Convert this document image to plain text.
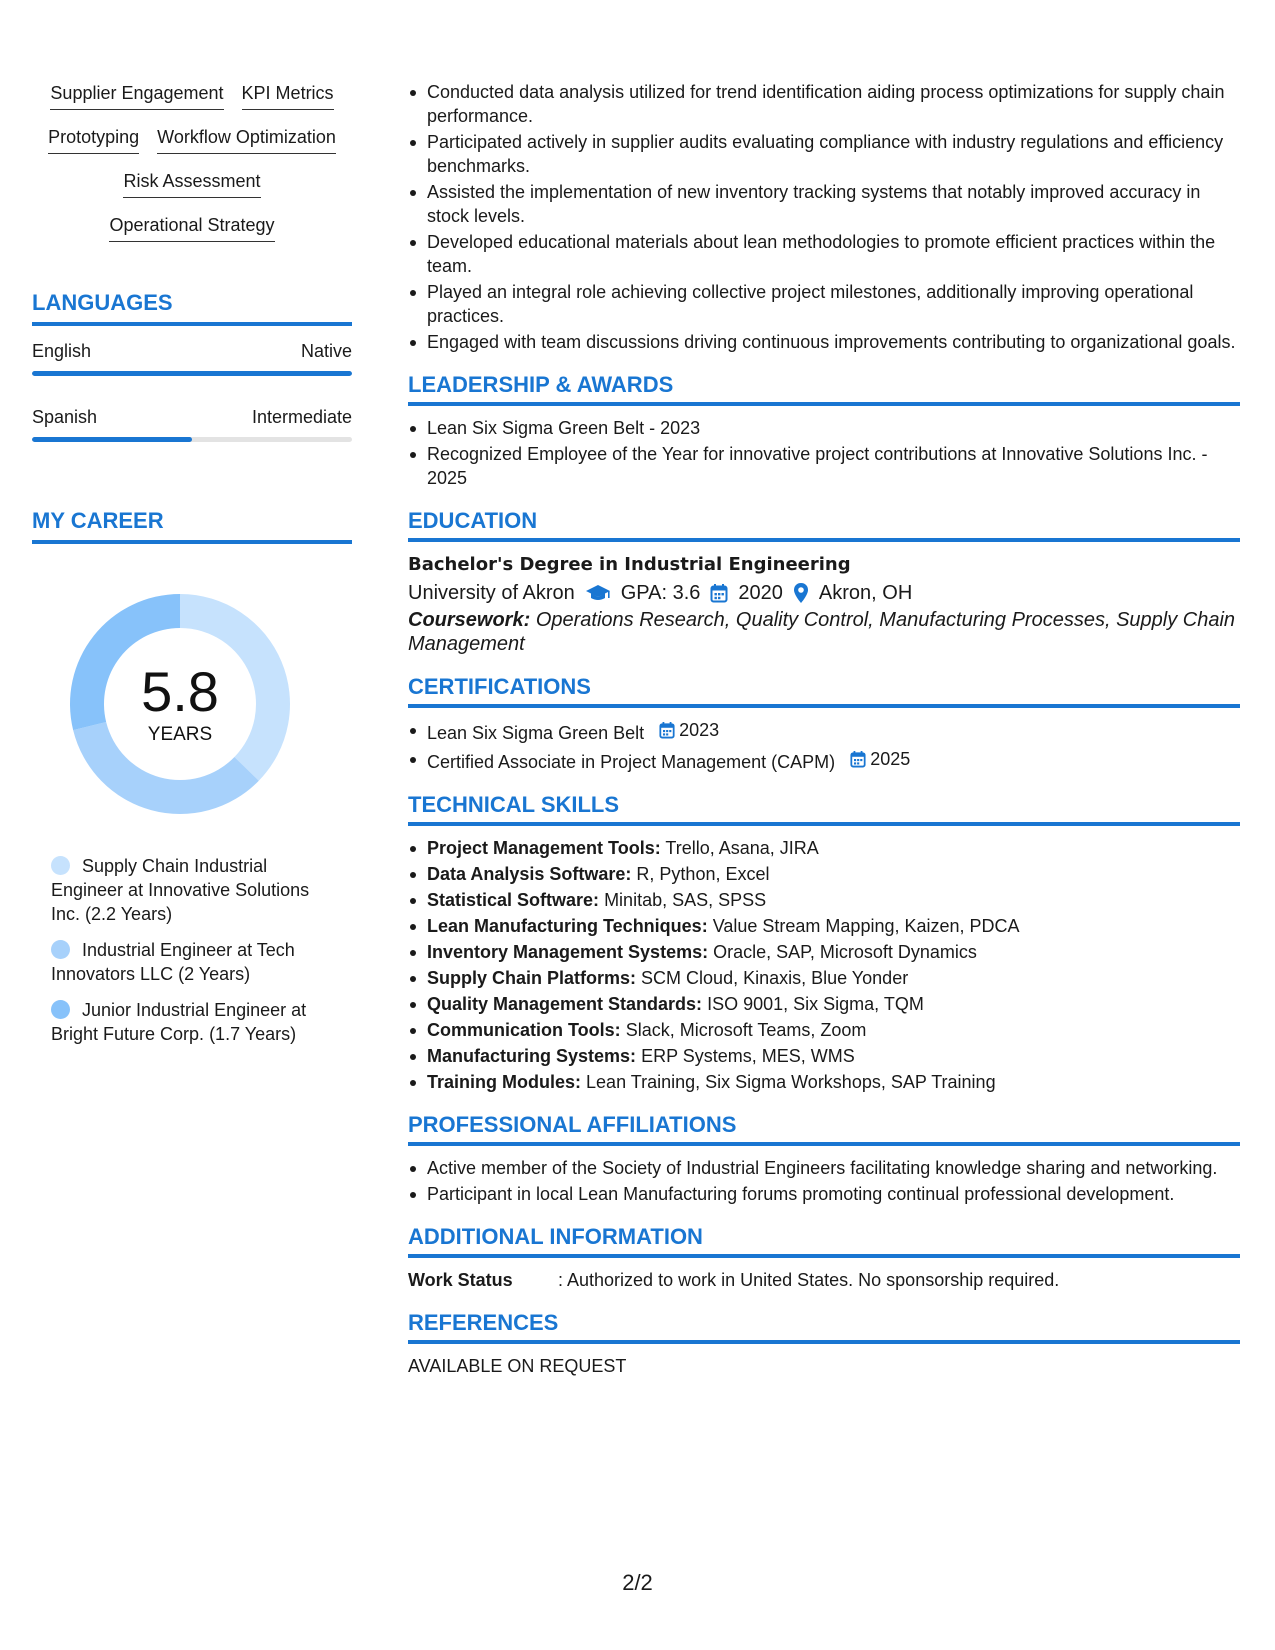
Supplier Engagement KPI Metrics
Prototyping Workflow Optimization
Risk Assessment
Operational Strategy
LANGUAGES
English	Native
Spanish	Intermediate
MY CAREER
5.8
YEARS
Supply Chain Industrial Engineer at Innovative Solutions Inc. (2.2 Years)
Industrial Engineer at Tech Innovators LLC (2 Years)
Junior Industrial Engineer at Bright Future Corp. (1.7 Years)
Conducted data analysis utilized for trend identification aiding process optimizations for supply chain performance.
Participated actively in supplier audits evaluating compliance with industry regulations and efficiency benchmarks.
Assisted the implementation of new inventory tracking systems that notably improved accuracy in stock levels.
Developed educational materials about lean methodologies to promote efficient practices within the team.
Played an integral role achieving collective project milestones, additionally improving operational practices.
Engaged with team discussions driving continuous improvements contributing to organizational goals.
LEADERSHIP & AWARDS
Lean Six Sigma Green Belt - 2023
Recognized Employee of the Year for innovative project contributions at Innovative Solutions Inc. - 2025
EDUCATION
Bachelor's Degree in Industrial Engineering
University of Akron GPA: 3.6 2020 Akron, OH
Coursework: Operations Research, Quality Control, Manufacturing Processes, Supply Chain Management
CERTIFICATIONS
Lean Six Sigma Green Belt 2023
Certified Associate in Project Management (CAPM) 2025
TECHNICAL SKILLS
Project Management Tools: Trello, Asana, JIRA
Data Analysis Software: R, Python, Excel
Statistical Software: Minitab, SAS, SPSS
Lean Manufacturing Techniques: Value Stream Mapping, Kaizen, PDCA
Inventory Management Systems: Oracle, SAP, Microsoft Dynamics
Supply Chain Platforms: SCM Cloud, Kinaxis, Blue Yonder
Quality Management Standards: ISO 9001, Six Sigma, TQM
Communication Tools: Slack, Microsoft Teams, Zoom
Manufacturing Systems: ERP Systems, MES, WMS
Training Modules: Lean Training, Six Sigma Workshops, SAP Training
PROFESSIONAL AFFILIATIONS
Active member of the Society of Industrial Engineers facilitating knowledge sharing and networking.
Participant in local Lean Manufacturing forums promoting continual professional development.
ADDITIONAL INFORMATION
Work Status	: Authorized to work in United States. No sponsorship required.
REFERENCES
AVAILABLE ON REQUEST
2/2
